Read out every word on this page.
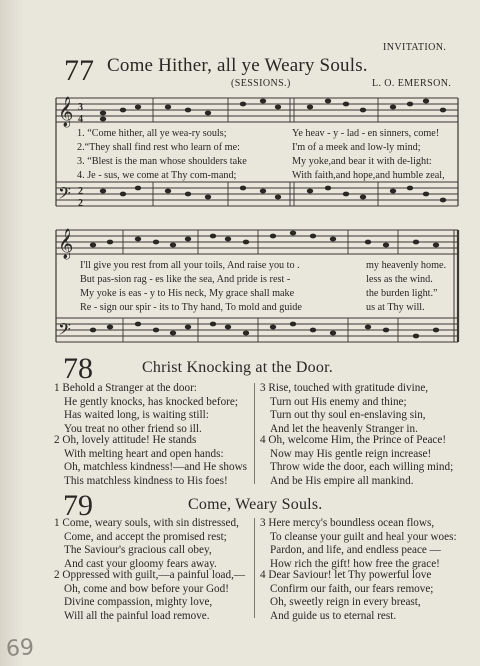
INVITATION.
77 Come Hither, all ye Weary Souls.
(SESSIONS.)	L. O. EMERSON.
𝄞 3
4
𝄢 2
2
1. “Come hither, all ye wea-ry souls;
2.“They shall find rest who learn of me:
3. “Blest is the man whose shoulders take
4. Je - sus, we come at Thy com-mand;
Ye heav - y - lad - en sinners, come!
I'm of a meek and low-ly mind;
My yoke,and bear it with de-light:
With faith,and hope,and humble zeal,
𝄞
𝄢
I'll give you rest from all your toils, And raise you to .
But pas-sion rag - es like the sea, And pride is rest -
My yoke is eas - y to His neck, My grace shall make
Re - sign our spir - its to Thy hand, To mold and guide
my heavenly home.
less as the wind.
the burden light.”
us at Thy will.
78	Christ Knocking at the Door.
1 Behold a Stranger at the door:
He gently knocks, has knocked before;
Has waited long, is waiting still:
You treat no other friend so ill.
2 Oh, lovely attitude! He stands
With melting heart and open hands:
Oh, matchless kindness!—and He shows
This matchless kindness to His foes!
3 Rise, touched with gratitude divine,
Turn out His enemy and thine;
Turn out thy soul en-enslaving sin,
And let the heavenly Stranger in.
4 Oh, welcome Him, the Prince of Peace!
Now may His gentle reign increase!
Throw wide the door, each willing mind;
And be His empire all mankind.
79	Come, Weary Souls.
1 Come, weary souls, with sin distressed,
Come, and accept the promised rest;
The Saviour's gracious call obey,
And cast your gloomy fears away.
2 Oppressed with guilt,—a painful load,—
Oh, come and bow before your God!
Divine compassion, mighty love,
Will all the painful load remove.
3 Here mercy's boundless ocean flows,
To cleanse your guilt and heal your woes:
Pardon, and life, and endless peace —
How rich the gift! how free the grace!
4 Dear Saviour! let Thy powerful love
Confirm our faith, our fears remove;
Oh, sweetly reign in every breast,
And guide us to eternal rest.
69
